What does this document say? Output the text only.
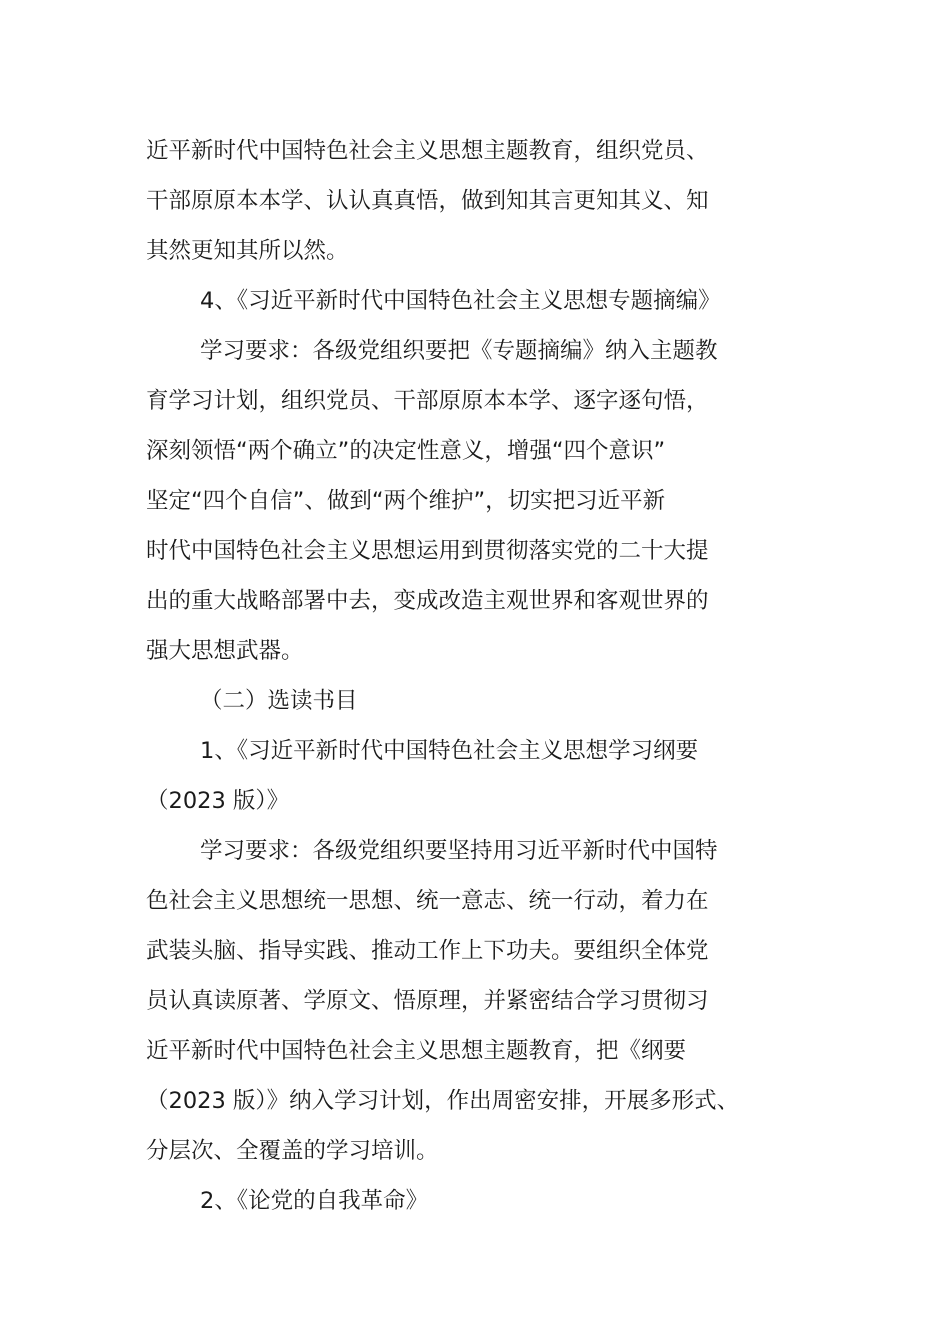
近平新时代中国特色社会主义思想主题教育，组织党员、

干部原原本本学、认认真真悟，做到知其言更知其义、知

其然更知其所以然。

4、《习近平新时代中国特色社会主义思想专题摘编》

学习要求：各级党组织要把《专题摘编》纳入主题教

育学习计划，组织党员、干部原原本本学、逐字逐句悟，

深刻领悟“两个确立”的决定性意义，增强“四个意识”

坚定“四个自信”、做到“两个维护”，切实把习近平新

时代中国特色社会主义思想运用到贯彻落实党的二十大提

出的重大战略部署中去，变成改造主观世界和客观世界的

强大思想武器。

（二）选读书目

1、《习近平新时代中国特色社会主义思想学习纲要

（2023 版）》

学习要求：各级党组织要坚持用习近平新时代中国特

色社会主义思想统一思想、统一意志、统一行动，着力在

武装头脑、指导实践、推动工作上下功夫。要组织全体党

员认真读原著、学原文、悟原理，并紧密结合学习贯彻习

近平新时代中国特色社会主义思想主题教育，把《纲要

（2023 版）》纳入学习计划，作出周密安排，开展多形式、

分层次、全覆盖的学习培训。

2、《论党的自我革命》
